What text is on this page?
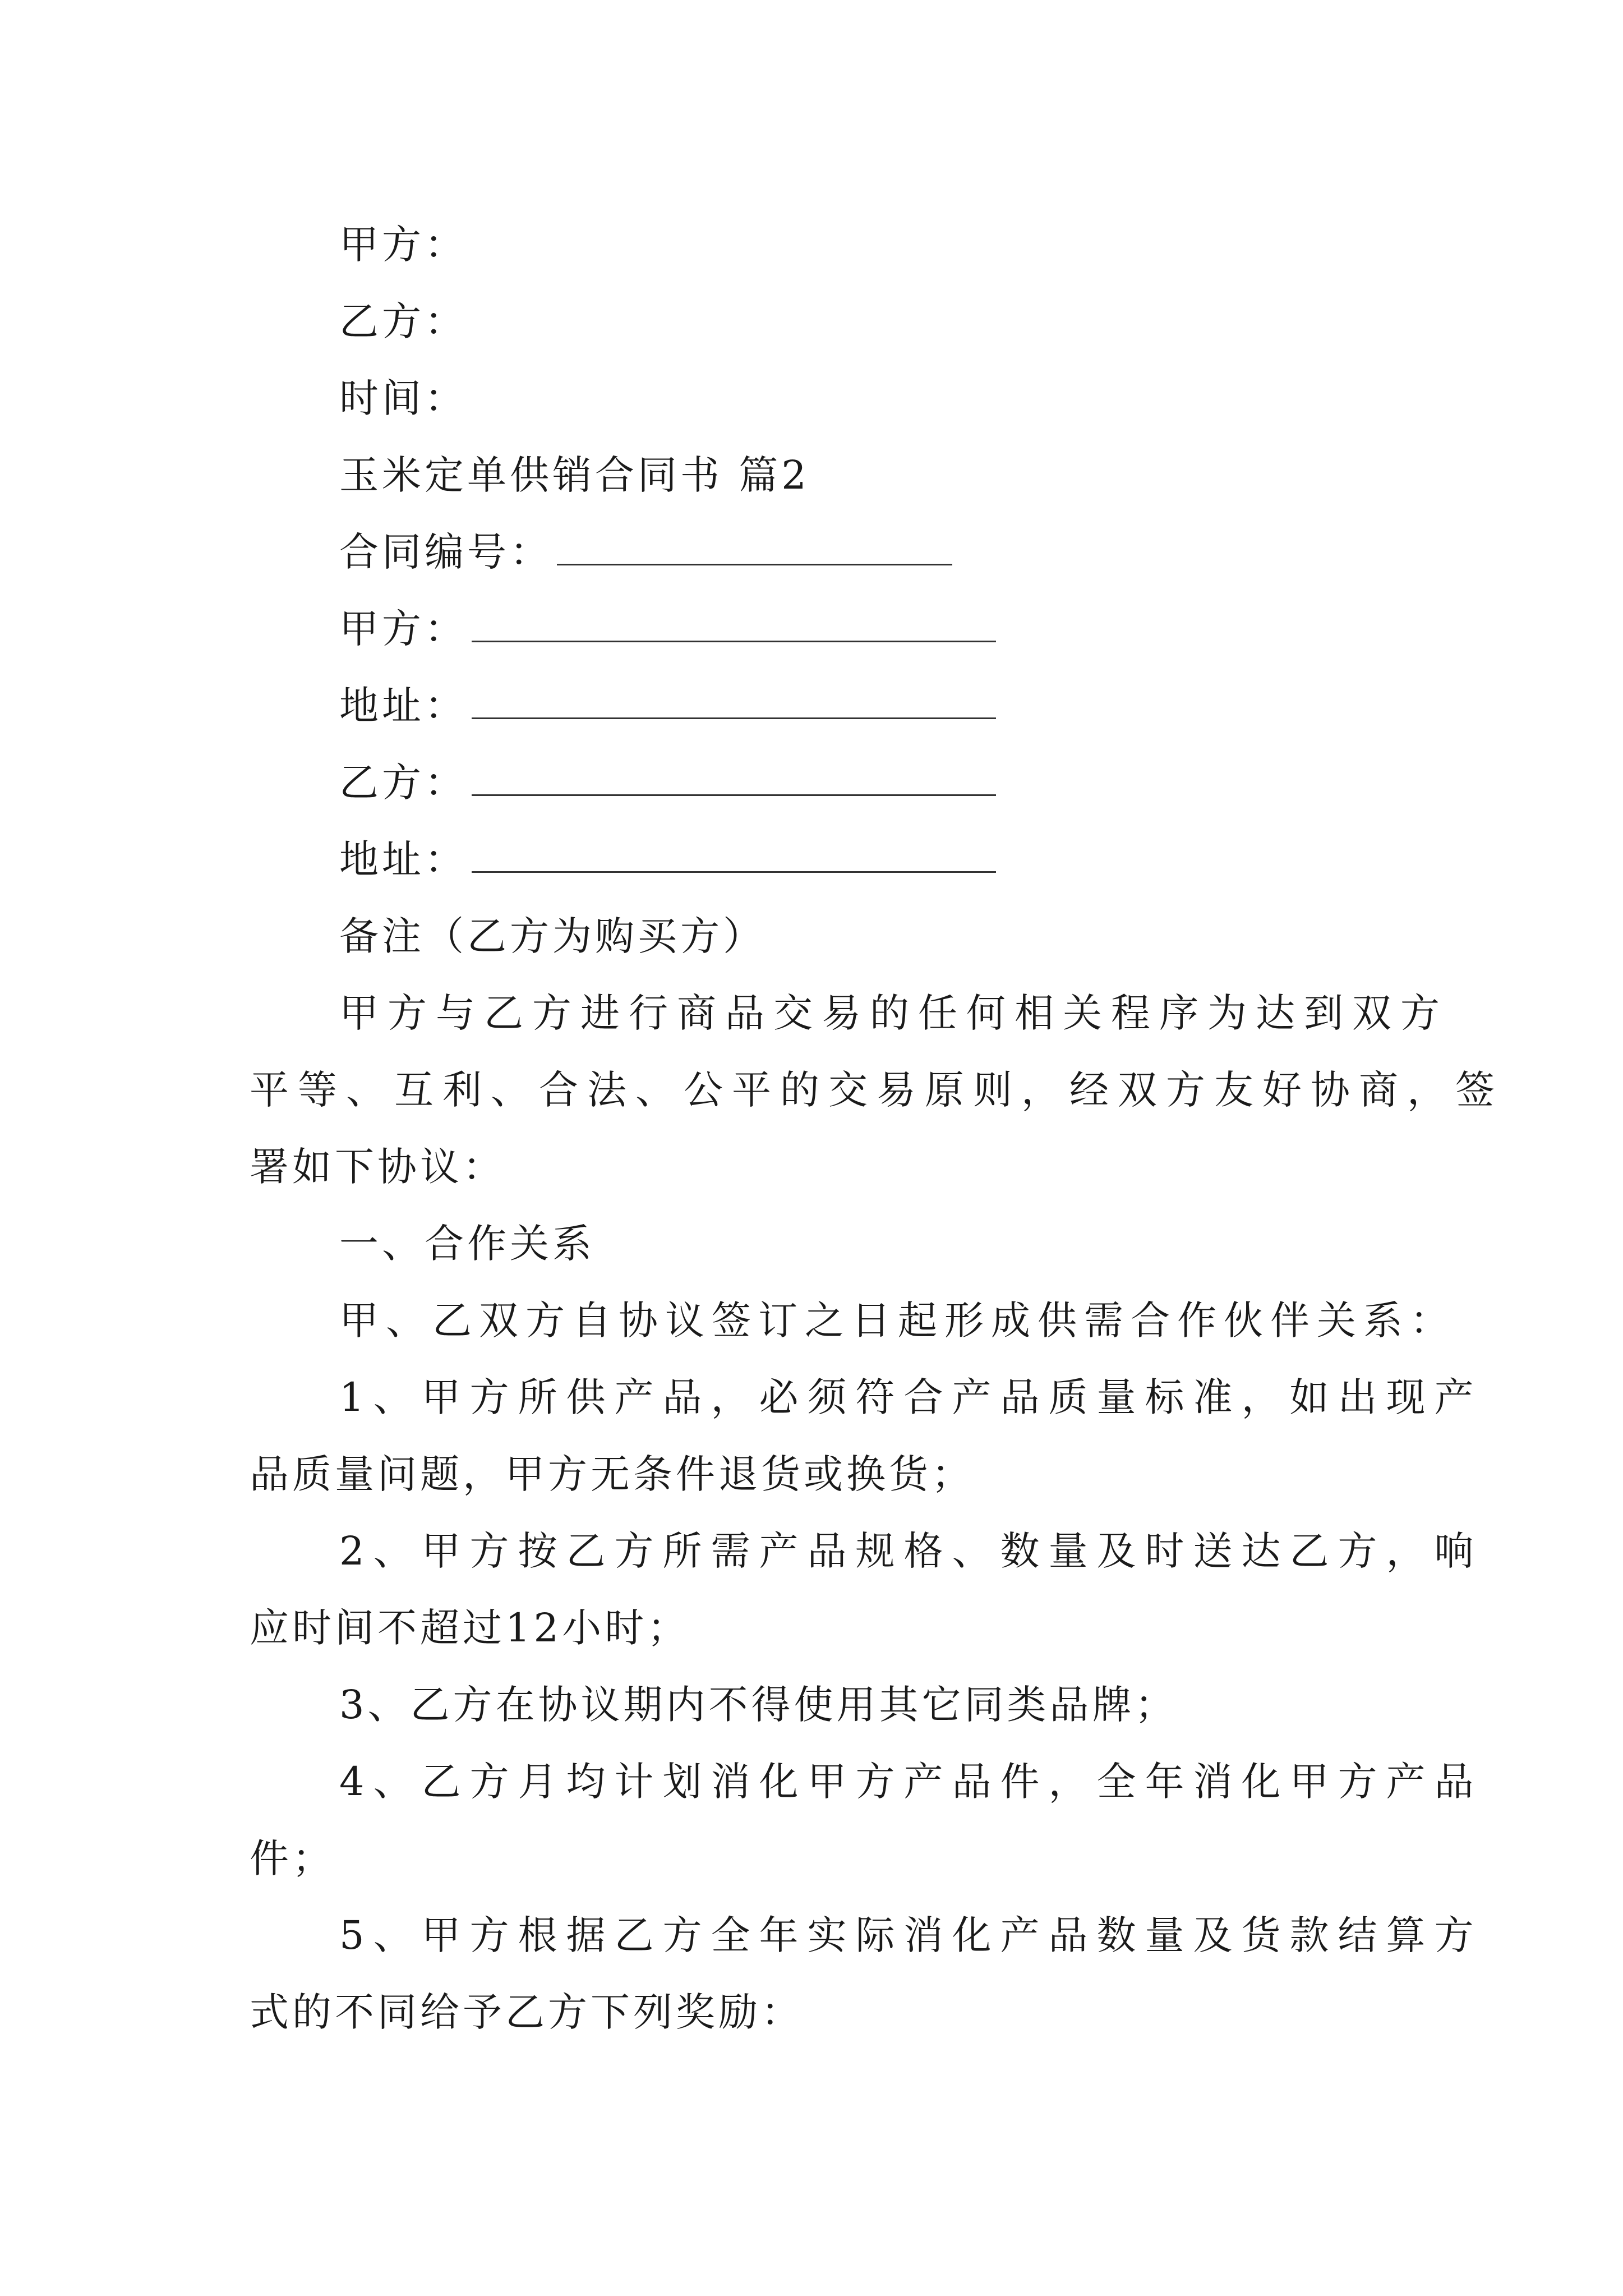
甲方：
乙方：
时间：
玉米定单供销合同书 篇2
合同编号：
甲方：
地址：
乙方：
地址：
备注（乙方为购买方）
甲方与乙方进行商品交易的任何相关程序为达到双方
平等、互利、合法、公平的交易原则，经双方友好协商，签
署如下协议：
一、合作关系
甲、乙双方自协议签订之日起形成供需合作伙伴关系：
1、甲方所供产品，必须符合产品质量标准，如出现产
品质量问题，甲方无条件退货或换货；
2、甲方按乙方所需产品规格、数量及时送达乙方，响
应时间不超过12小时；
3、乙方在协议期内不得使用其它同类品牌；
4、乙方月均计划消化甲方产品件，全年消化甲方产品
件；
5、甲方根据乙方全年实际消化产品数量及货款结算方
式的不同给予乙方下列奖励：
